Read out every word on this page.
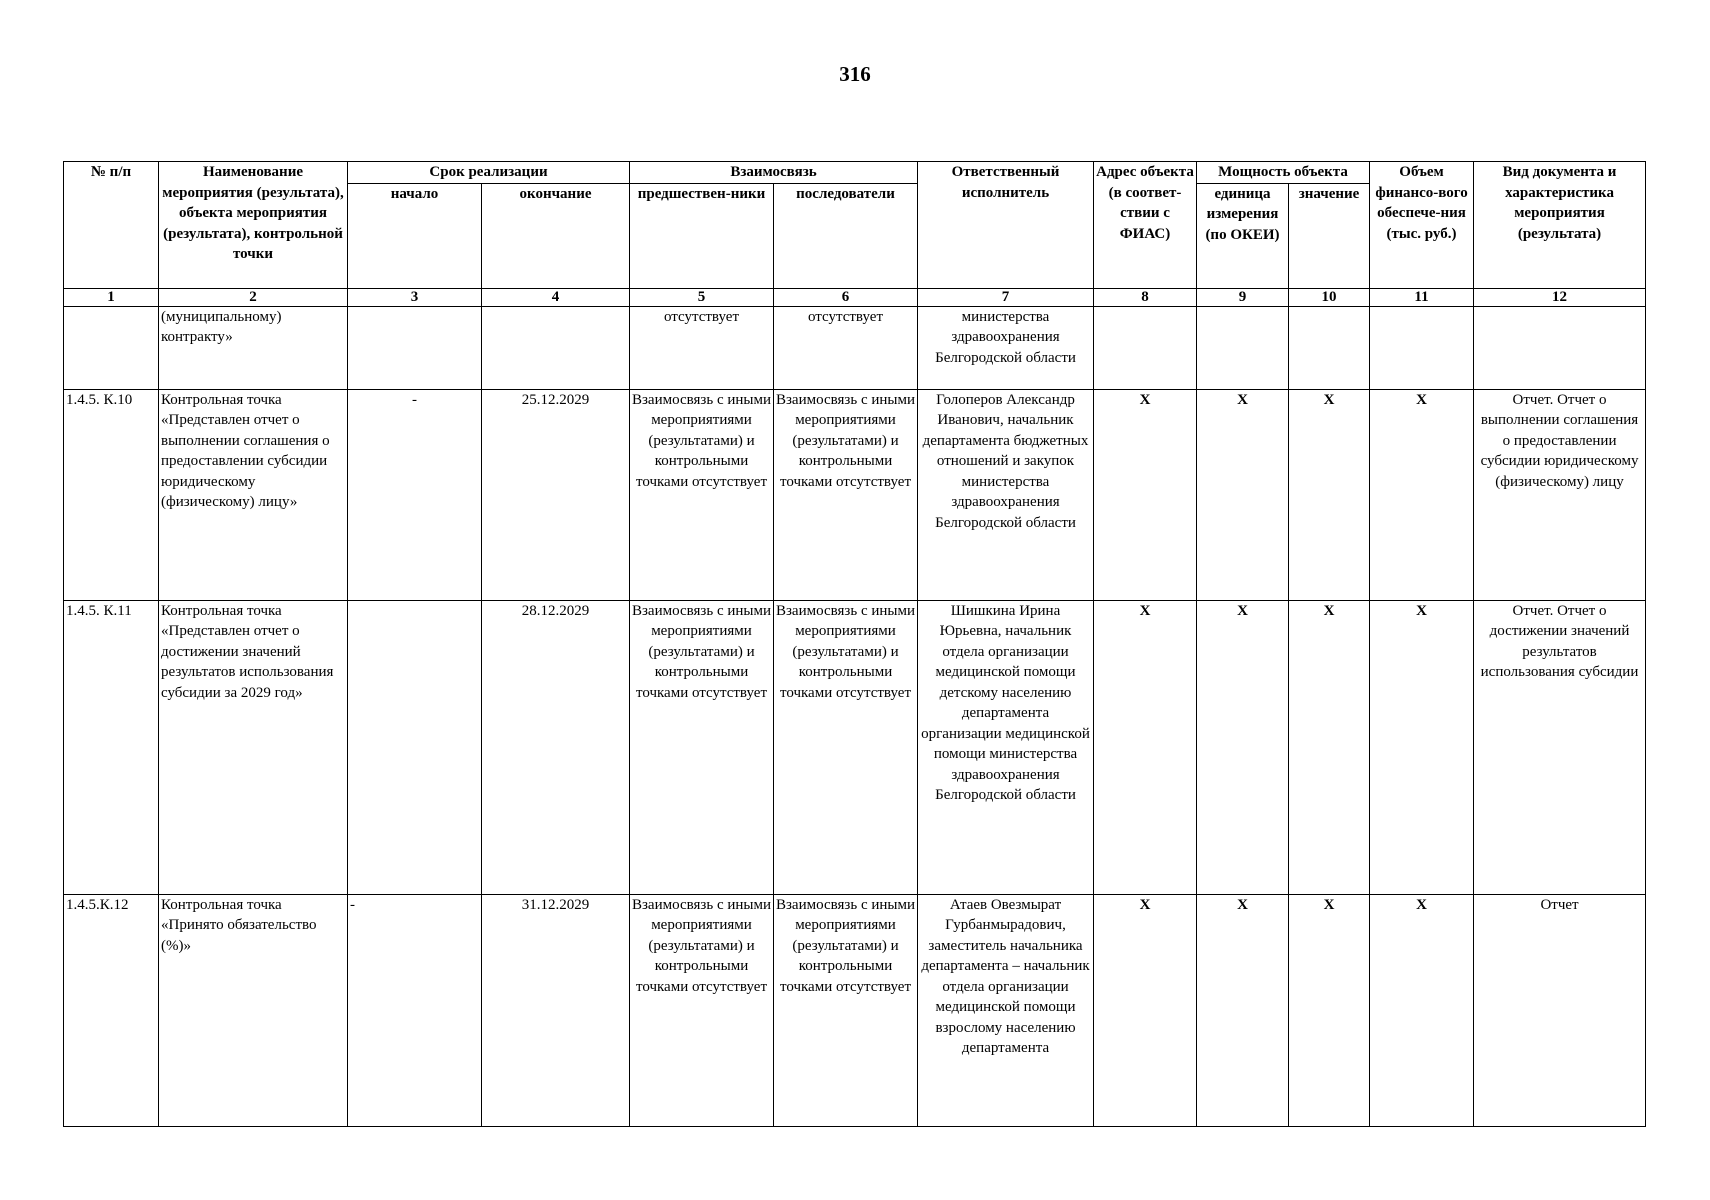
316
№ п/п	Наименование мероприятия (результата), объекта мероприятия (результата), контрольной точки	Срок реализации		Взаимосвязь		Ответственный исполнитель	Адрес объекта (в соответ-ствии с ФИАС)	Мощность объекта		Объем финансо-вого обеспече-ния (тыс. руб.)	Вид документа и характеристика мероприятия (результата)
		начало	окончание	предшествен-ники	последователи			единица измерения (по ОКЕИ)	значение		
1	2	3	4	5	6	7	8	9	10	11	12
	(муниципальному) контракту»			отсутствует	отсутствует	министерства здравоохранения Белгородской области					
1.4.5. К.10	Контрольная точка «Представлен отчет о выполнении соглашения о предоставлении субсидии юридическому (физическому) лицу»	-	25.12.2029	Взаимосвязь с иными мероприятиями (результатами) и контрольными точками отсутствует	Взаимосвязь с иными мероприятиями (результатами) и контрольными точками отсутствует	Голоперов Александр Иванович, начальник департамента бюджетных отношений и закупок министерства здравоохранения Белгородской области	X	X	X	X	Отчет. Отчет о выполнении соглашения о предоставлении субсидии юридическому (физическому) лицу
1.4.5. К.11	Контрольная точка «Представлен отчет о достижении значений результатов использования субсидии за 2029 год»		28.12.2029	Взаимосвязь с иными мероприятиями (результатами) и контрольными точками отсутствует	Взаимосвязь с иными мероприятиями (результатами) и контрольными точками отсутствует	Шишкина Ирина Юрьевна, начальник отдела организации медицинской помощи детскому населению департамента организации медицинской помощи министерства здравоохранения Белгородской области	X	X	X	X	Отчет. Отчет о достижении значений результатов использования субсидии
1.4.5.К.12	Контрольная точка «Принято обязательство (%)»	-	31.12.2029	Взаимосвязь с иными мероприятиями (результатами) и контрольными точками отсутствует	Взаимосвязь с иными мероприятиями (результатами) и контрольными точками отсутствует	Атаев Овезмырат Гурбанмырадович, заместитель начальника департамента – начальник отдела организации медицинской помощи взрослому населению департамента	X	X	X	X	Отчет
